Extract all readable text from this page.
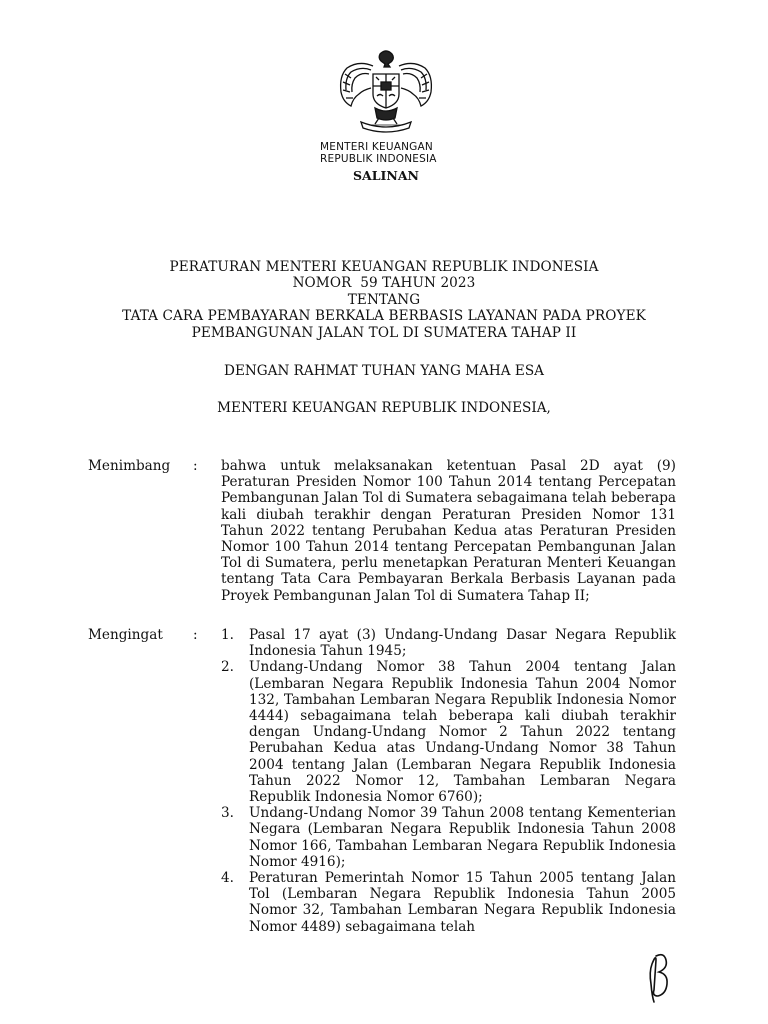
MENTERI KEUANGAN
REPUBLIK INDONESIA
SALINAN
PERATURAN MENTERI KEUANGAN REPUBLIK INDONESIA
NOMOR 59 TAHUN 2023
TENTANG
TATA CARA PEMBAYARAN BERKALA BERBASIS LAYANAN PADA PROYEK
PEMBANGUNAN JALAN TOL DI SUMATERA TAHAP II
DENGAN RAHMAT TUHAN YANG MAHA ESA
MENTERI KEUANGAN REPUBLIK INDONESIA,
Menimbang : bahwa untuk melaksanakan ketentuan Pasal 2D ayat (9) Peraturan Presiden Nomor 100 Tahun 2014 tentang Percepatan Pembangunan Jalan Tol di Sumatera sebagaimana telah beberapa kali diubah terakhir dengan Peraturan Presiden Nomor 131 Tahun 2022 tentang Perubahan Kedua atas Peraturan Presiden Nomor 100 Tahun 2014 tentang Percepatan Pembangunan Jalan Tol di Sumatera, perlu menetapkan Peraturan Menteri Keuangan tentang Tata Cara Pembayaran Berkala Berbasis Layanan pada Proyek Pembangunan Jalan Tol di Sumatera Tahap II;
Mengingat : 1. Pasal 17 ayat (3) Undang-Undang Dasar Negara Republik Indonesia Tahun 1945;
2. Undang-Undang Nomor 38 Tahun 2004 tentang Jalan (Lembaran Negara Republik Indonesia Tahun 2004 Nomor 132, Tambahan Lembaran Negara Republik Indonesia Nomor 4444) sebagaimana telah beberapa kali diubah terakhir dengan Undang-Undang Nomor 2 Tahun 2022 tentang Perubahan Kedua atas Undang-Undang Nomor 38 Tahun 2004 tentang Jalan (Lembaran Negara Republik Indonesia Tahun 2022 Nomor 12, Tambahan Lembaran Negara Republik Indonesia Nomor 6760);
3. Undang-Undang Nomor 39 Tahun 2008 tentang Kementerian Negara (Lembaran Negara Republik Indonesia Tahun 2008 Nomor 166, Tambahan Lembaran Negara Republik Indonesia Nomor 4916);
4. Peraturan Pemerintah Nomor 15 Tahun 2005 tentang Jalan Tol (Lembaran Negara Republik Indonesia Tahun 2005 Nomor 32, Tambahan Lembaran Negara Republik Indonesia Nomor 4489) sebagaimana telah
